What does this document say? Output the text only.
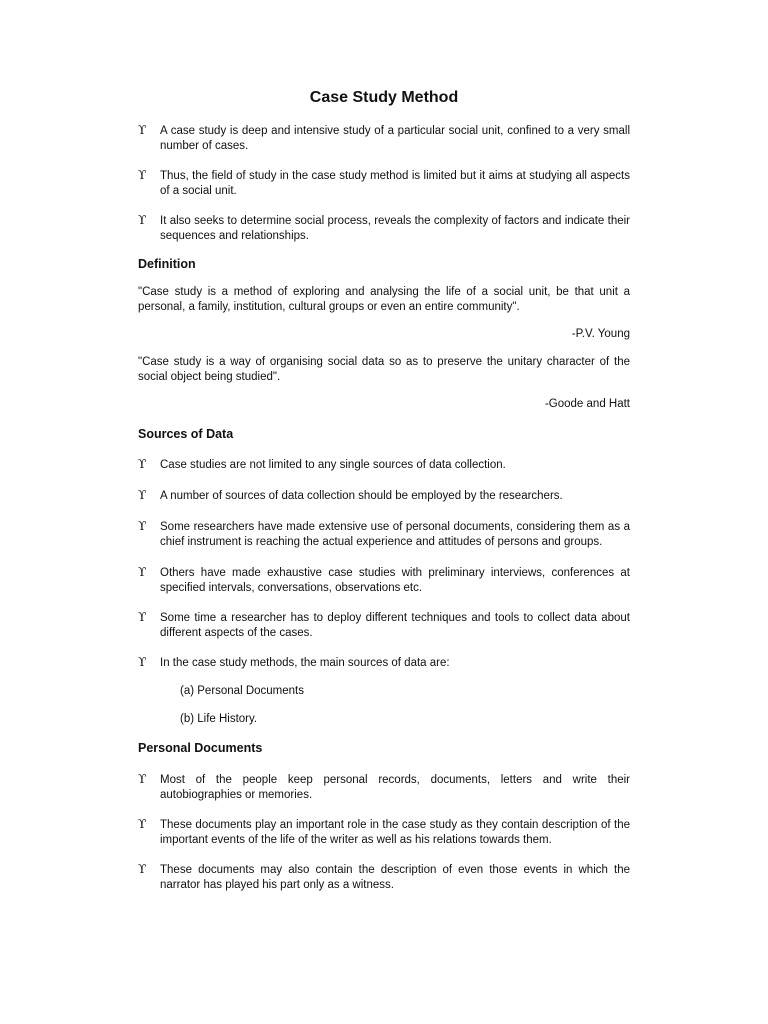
Case Study Method
ϒ A case study is deep and intensive study of a particular social unit, confined to a very small number of cases.
ϒ Thus, the field of study in the case study method is limited but it aims at studying all aspects of a social unit.
ϒ It also seeks to determine social process, reveals the complexity of factors and indicate their sequences and relationships.
Definition
"Case study is a method of exploring and analysing the life of a social unit, be that unit a personal, a family, institution, cultural groups or even an entire community".
-P.V. Young
"Case study is a way of organising social data so as to preserve the unitary character of the social object being studied".
-Goode and Hatt
Sources of Data
ϒ Case studies are not limited to any single sources of data collection.
ϒ A number of sources of data collection should be employed by the researchers.
ϒ Some researchers have made extensive use of personal documents, considering them as a chief instrument is reaching the actual experience and attitudes of persons and groups.
ϒ Others have made exhaustive case studies with preliminary interviews, conferences at specified intervals, conversations, observations etc.
ϒ Some time a researcher has to deploy different techniques and tools to collect data about different aspects of the cases.
ϒ In the case study methods, the main sources of data are:
(a) Personal Documents
(b) Life History.
Personal Documents
ϒ Most of the people keep personal records, documents, letters and write their autobiographies or memories.
ϒ These documents play an important role in the case study as they contain description of the important events of the life of the writer as well as his relations towards them.
ϒ These documents may also contain the description of even those events in which the narrator has played his part only as a witness.
